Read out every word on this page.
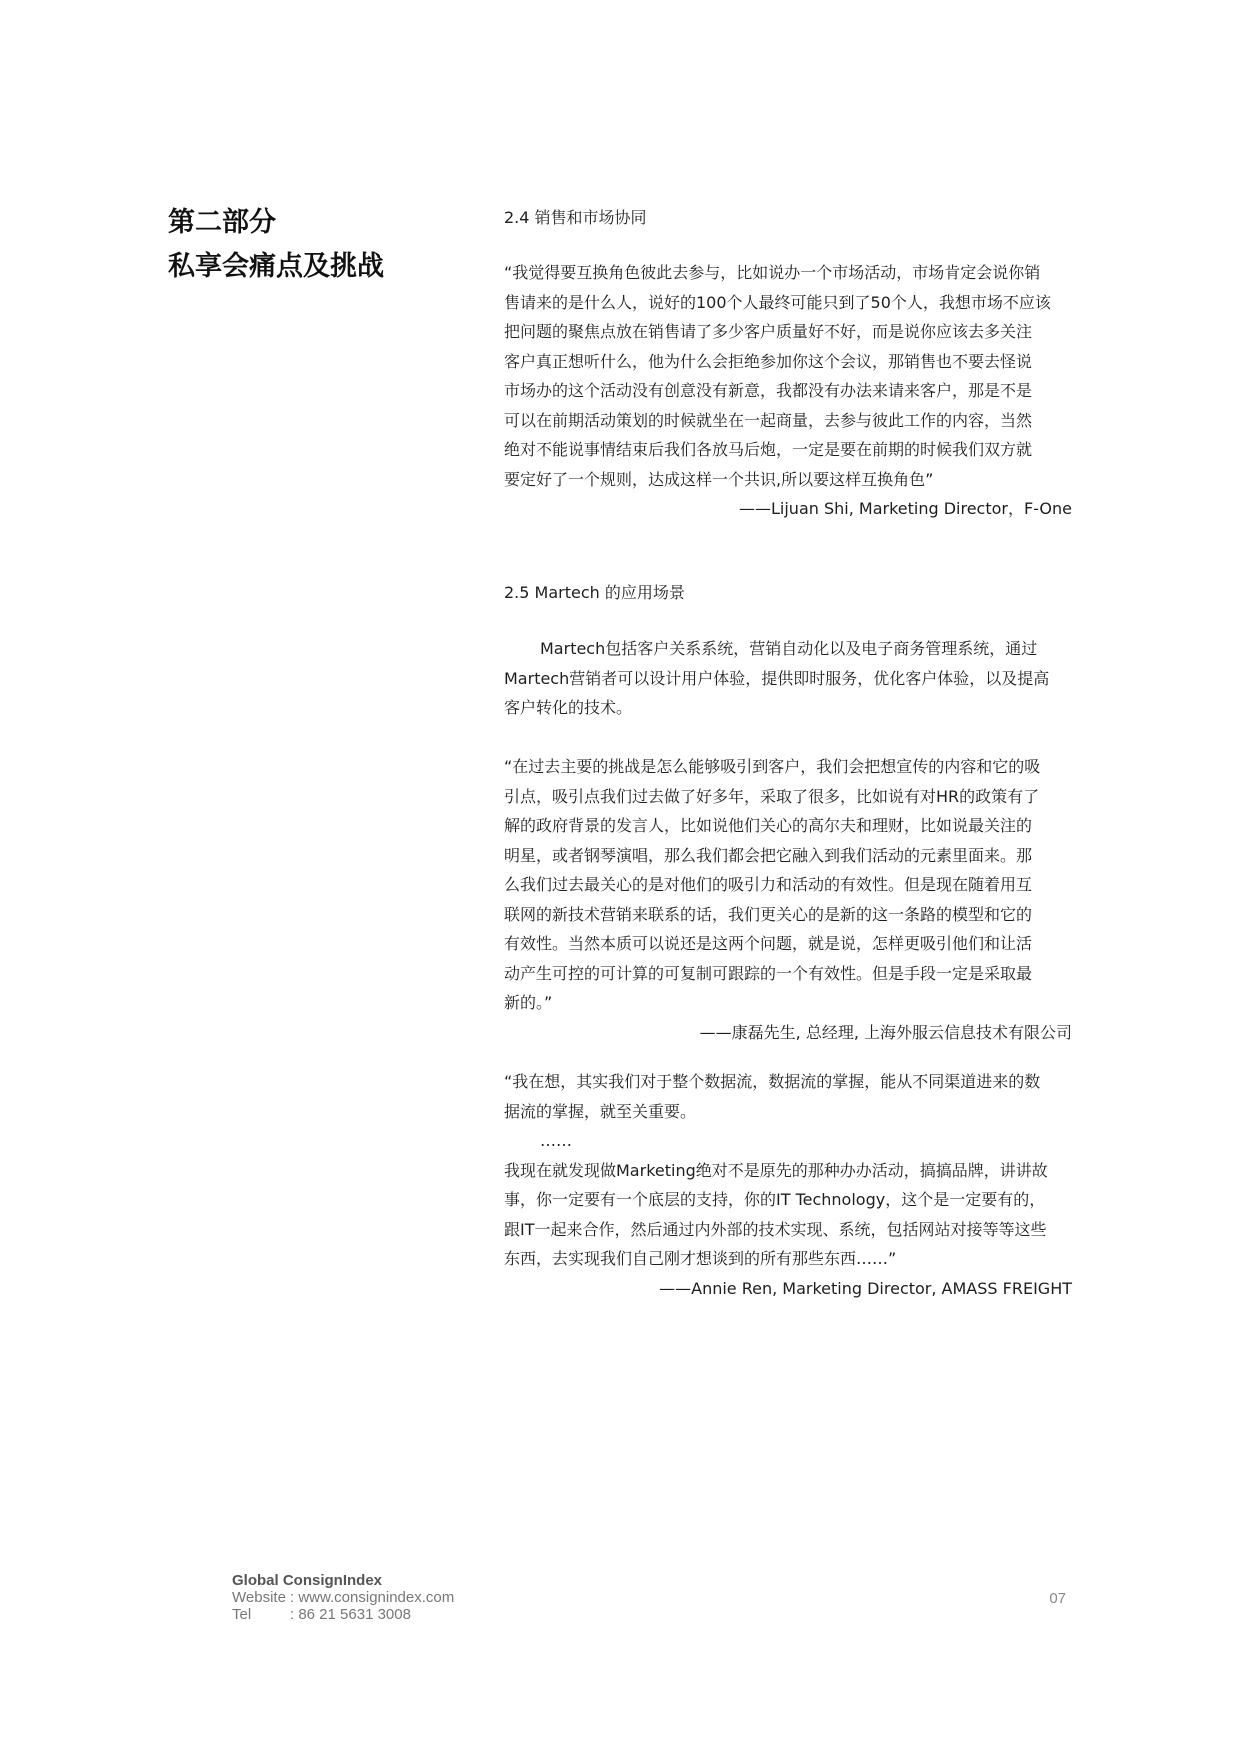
第二部分
私享会痛点及挑战
2.4 销售和市场协同
“我觉得要互换角色彼此去参与，比如说办一个市场活动，市场肯定会说你销
售请来的是什么人，说好的100个人最终可能只到了50个人，我想市场不应该
把问题的聚焦点放在销售请了多少客户质量好不好，而是说你应该去多关注
客户真正想听什么，他为什么会拒绝参加你这个会议，那销售也不要去怪说
市场办的这个活动没有创意没有新意，我都没有办法来请来客户，那是不是
可以在前期活动策划的时候就坐在一起商量，去参与彼此工作的内容，当然
绝对不能说事情结束后我们各放马后炮，一定是要在前期的时候我们双方就
要定好了一个规则，达成这样一个共识,所以要这样互换角色”
——Lijuan Shi, Marketing Director，F-One
2.5 Martech 的应用场景
Martech包括客户关系系统，营销自动化以及电子商务管理系统，通过
Martech营销者可以设计用户体验，提供即时服务，优化客户体验，以及提高
客户转化的技术。
“在过去主要的挑战是怎么能够吸引到客户，我们会把想宣传的内容和它的吸
引点，吸引点我们过去做了好多年，采取了很多，比如说有对HR的政策有了
解的政府背景的发言人，比如说他们关心的高尔夫和理财，比如说最关注的
明星，或者钢琴演唱，那么我们都会把它融入到我们活动的元素里面来。那
么我们过去最关心的是对他们的吸引力和活动的有效性。但是现在随着用互
联网的新技术营销来联系的话，我们更关心的是新的这一条路的模型和它的
有效性。当然本质可以说还是这两个问题，就是说，怎样更吸引他们和让活
动产生可控的可计算的可复制可跟踪的一个有效性。但是手段一定是采取最
新的。”
——康磊先生, 总经理, 上海外服云信息技术有限公司
“我在想，其实我们对于整个数据流，数据流的掌握，能从不同渠道进来的数
据流的掌握，就至关重要。
……
我现在就发现做Marketing绝对不是原先的那种办办活动，搞搞品牌，讲讲故
事，你一定要有一个底层的支持，你的IT Technology，这个是一定要有的，
跟IT一起来合作，然后通过内外部的技术实现、系统，包括网站对接等等这些
东西，去实现我们自己刚才想谈到的所有那些东西……”
——Annie Ren, Marketing Director, AMASS FREIGHT
Global ConsignIndex
Website : www.consignindex.com
Tel	: 86 21 5631 3008
07
